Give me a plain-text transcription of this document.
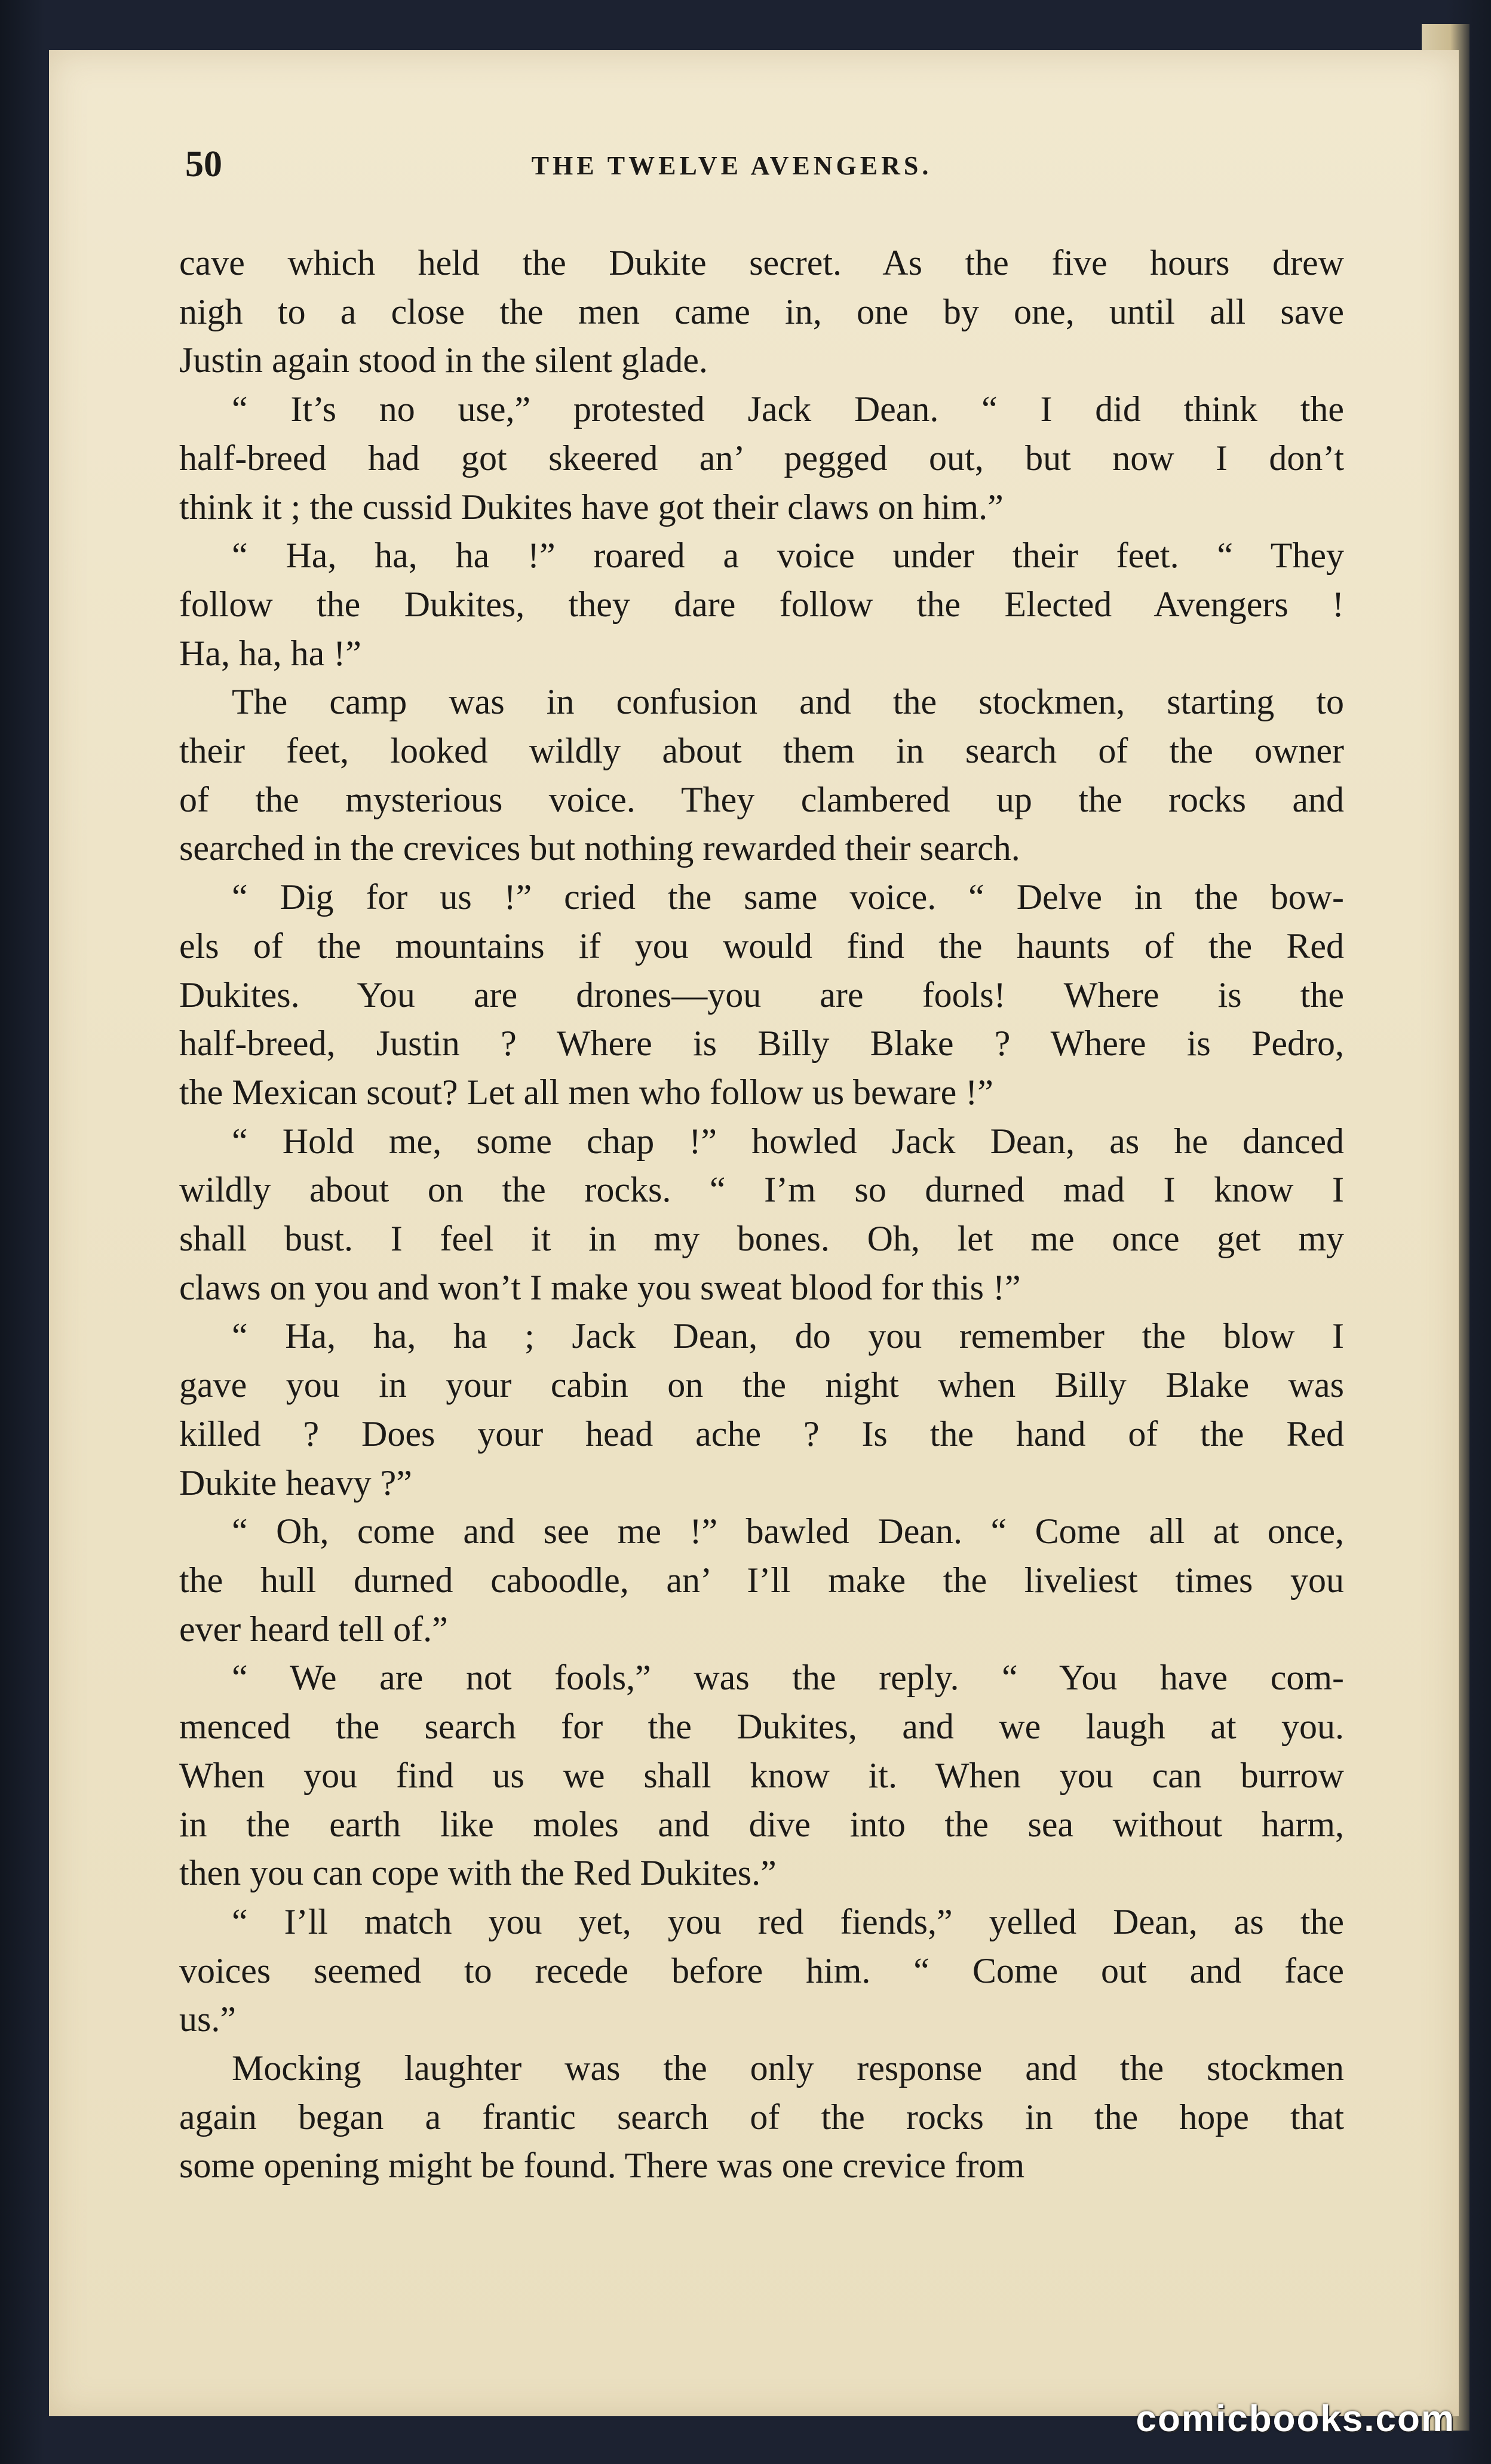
50	THE TWELVE AVENGERS.
cave which held the Dukite secret. As the five hours drew
nigh to a close the men came in, one by one, until all save
Justin again stood in the silent glade.
“ It’s no use,” protested Jack Dean. “ I did think the
half-breed had got skeered an’ pegged out, but now I don’t
think it ; the cussid Dukites have got their claws on him.”
“ Ha, ha, ha !” roared a voice under their feet. “ They
follow the Dukites, they dare follow the Elected Avengers !
Ha, ha, ha !”
The camp was in confusion and the stockmen, starting to
their feet, looked wildly about them in search of the owner
of the mysterious voice. They clambered up the rocks and
searched in the crevices but nothing rewarded their search.
“ Dig for us !” cried the same voice. “ Delve in the bow-
els of the mountains if you would find the haunts of the Red
Dukites. You are drones—you are fools! Where is the
half-breed, Justin ? Where is Billy Blake ? Where is Pedro,
the Mexican scout? Let all men who follow us beware !”
“ Hold me, some chap !” howled Jack Dean, as he danced
wildly about on the rocks. “ I’m so durned mad I know I
shall bust. I feel it in my bones. Oh, let me once get my
claws on you and won’t I make you sweat blood for this !”
“ Ha, ha, ha ; Jack Dean, do you remember the blow I
gave you in your cabin on the night when Billy Blake was
killed ? Does your head ache ? Is the hand of the Red
Dukite heavy ?”
“ Oh, come and see me !” bawled Dean. “ Come all at once,
the hull durned caboodle, an’ I’ll make the liveliest times you
ever heard tell of.”
“ We are not fools,” was the reply. “ You have com-
menced the search for the Dukites, and we laugh at you.
When you find us we shall know it. When you can burrow
in the earth like moles and dive into the sea without harm,
then you can cope with the Red Dukites.”
“ I’ll match you yet, you red fiends,” yelled Dean, as the
voices seemed to recede before him. “ Come out and face
us.”
Mocking laughter was the only response and the stockmen
again began a frantic search of the rocks in the hope that
some opening might be found. There was one crevice from
comicbooks.com
